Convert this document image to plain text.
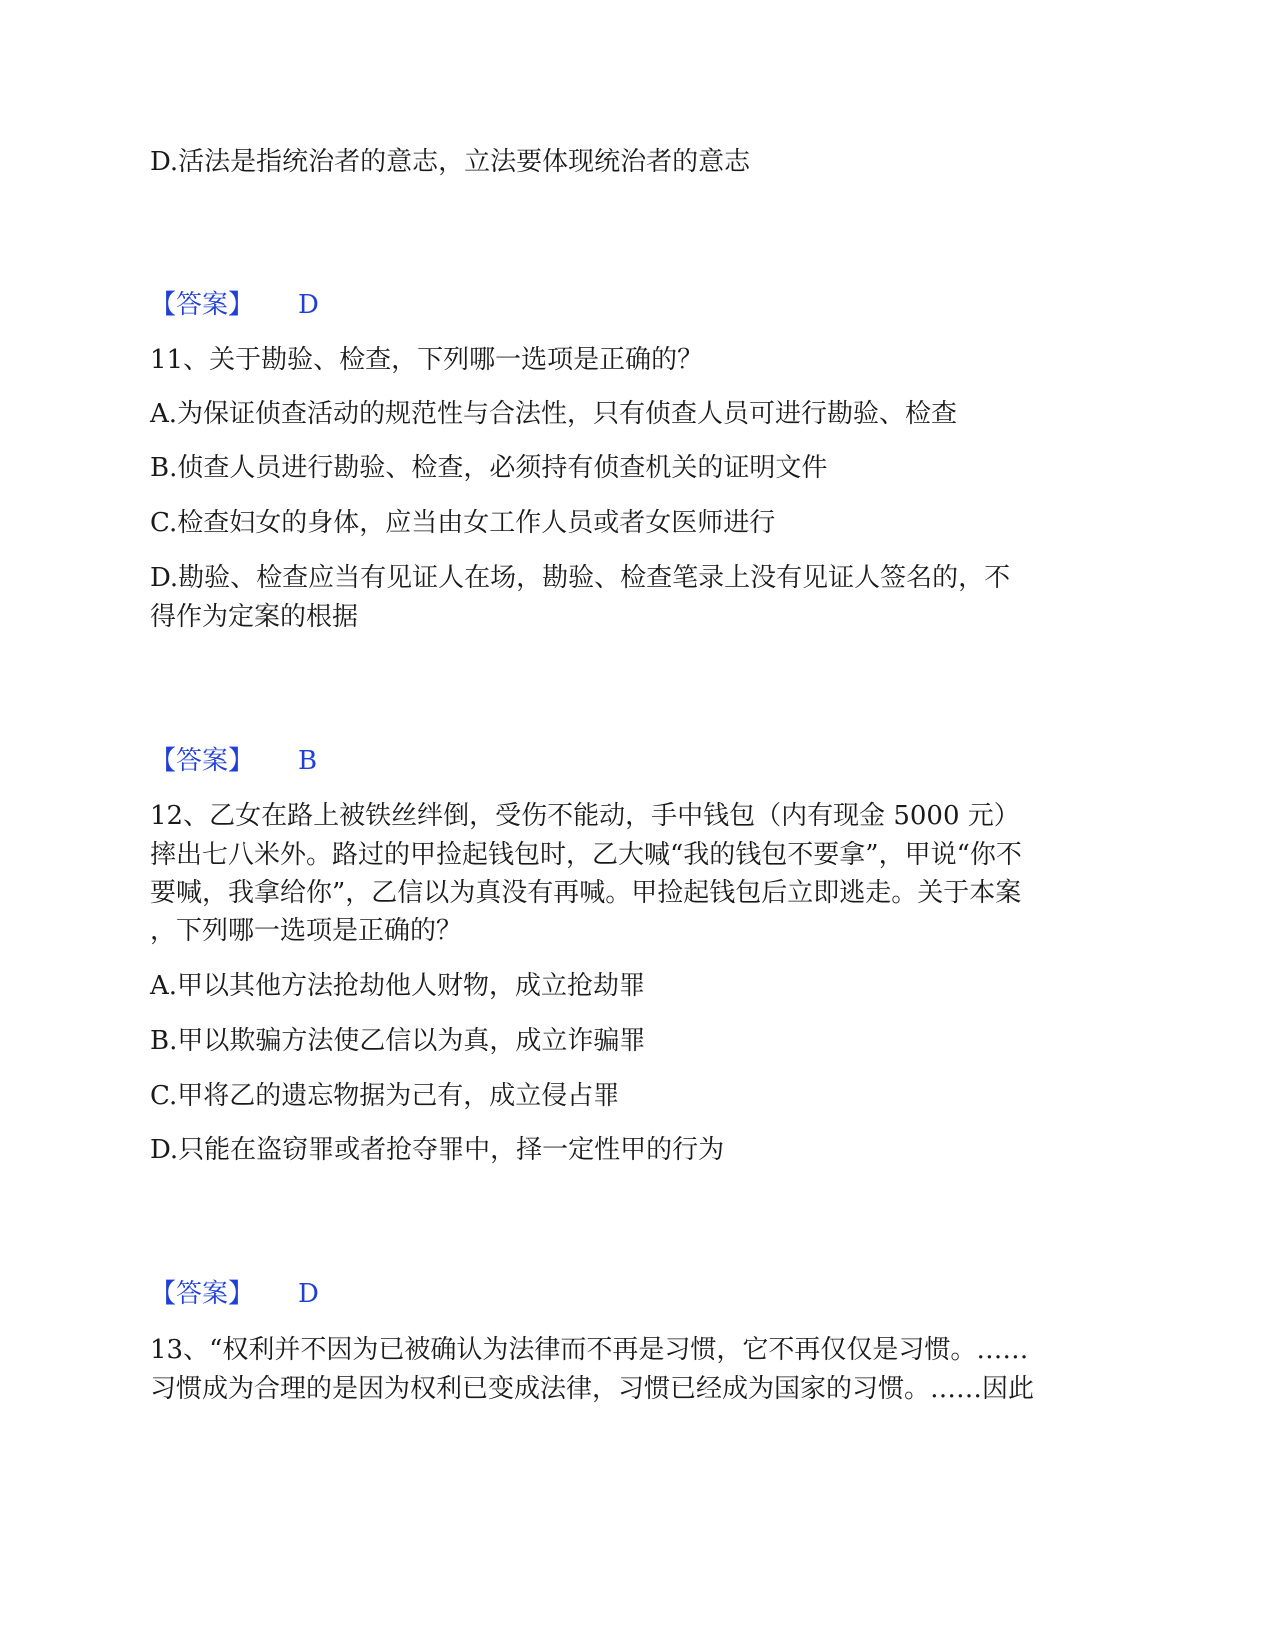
D.活法是指统治者的意志，立法要体现统治者的意志
【答案】 D
11、关于勘验、检查，下列哪一选项是正确的？
A.为保证侦查活动的规范性与合法性，只有侦查人员可进行勘验、检查
B.侦查人员进行勘验、检查，必须持有侦查机关的证明文件
C.检查妇女的身体，应当由女工作人员或者女医师进行
D.勘验、检查应当有见证人在场，勘验、检查笔录上没有见证人签名的，不
得作为定案的根据
【答案】 B
12、乙女在路上被铁丝绊倒，受伤不能动，手中钱包（内有现金 5000 元）
摔出七八米外。路过的甲捡起钱包时，乙大喊“我的钱包不要拿”，甲说“你不
要喊，我拿给你”，乙信以为真没有再喊。甲捡起钱包后立即逃走。关于本案
，下列哪一选项是正确的？
A.甲以其他方法抢劫他人财物，成立抢劫罪
B.甲以欺骗方法使乙信以为真，成立诈骗罪
C.甲将乙的遗忘物据为己有，成立侵占罪
D.只能在盗窃罪或者抢夺罪中，择一定性甲的行为
【答案】 D
13、“权利并不因为已被确认为法律而不再是习惯，它不再仅仅是习惯。……
习惯成为合理的是因为权利已变成法律，习惯已经成为国家的习惯。……因此
